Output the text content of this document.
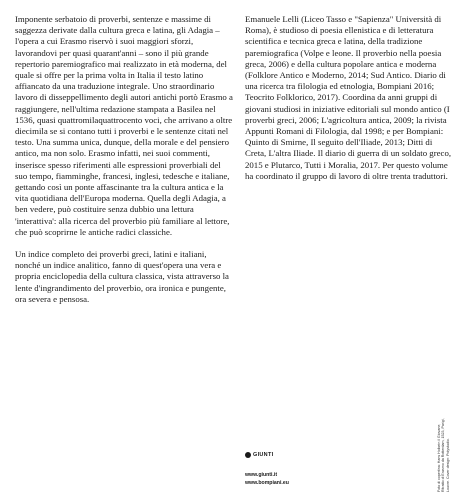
Imponente serbatoio di proverbi, sentenze e massime di saggezza derivate dalla cultura greca e latina, gli Adagia – l'opera a cui Erasmo riservò i suoi maggiori sforzi, lavorandovi per quasi quarant'anni – sono il più grande repertorio paremiografico mai realizzato in età moderna, del quale si offre per la prima volta in Italia il testo latino affiancato da una traduzione integrale. Uno straordinario lavoro di disseppellimento degli autori antichi portò Erasmo a raggiungere, nell'ultima redazione stampata a Basilea nel 1536, quasi quattromilaquattrocento voci, che arrivano a oltre diecimila se si contano tutti i proverbi e le sentenze citati nel testo. Una summa unica, dunque, della morale e del pensiero antico, ma non solo. Erasmo infatti, nei suoi commenti, inserisce spesso riferimenti alle espressioni proverbiali del suo tempo, fiamminghe, francesi, inglesi, tedesche e italiane, gettando così un ponte affascinante tra la cultura antica e la vita quotidiana dell'Europa moderna. Quella degli Adagia, a ben vedere, può costituire senza dubbio una lettura 'interattiva': alla ricerca del proverbio più familiare al lettore, che può scoprirne le antiche radici classiche.

Un indice completo dei proverbi greci, latini e italiani, nonché un indice analitico, fanno di quest'opera una vera e propria enciclopedia della cultura classica, vista attraverso la lente d'ingrandimento del proverbio, ora ironica e pungente, ora severa e pensosa.

Emanuele Lelli (Liceo Tasso e "Sapienza" Università di Roma), è studioso di poesia ellenistica e di letteratura scientifica e tecnica greca e latina, della tradizione paremiografica (Volpe e leone. Il proverbio nella poesia greca, 2006) e della cultura popolare antica e moderna (Folklore Antico e Moderno, 2014; Sud Antico. Diario di una ricerca tra filologia ed etnologia, Bompiani 2016; Teocrito Folklorico, 2017). Coordina da anni gruppi di giovani studiosi in iniziative editoriali sul mondo antico (I proverbi greci, 2006; L'agricoltura antica, 2009; la rivista Appunti Romani di Filologia, dal 1998; e per Bompiani: Quinto di Smirne, Il seguito dell'Iliade, 2013; Ditti di Creta, L'altra Iliade. Il diario di guerra di un soldato greco, 2015 e Plutarco, Tutti i Moralia, 2017. Per questo volume ha coordinato il gruppo di lavoro di oltre trenta traduttori.

GIUNTI
www.giunti.it
www.bompiani.eu	Foto di copertina: Hans Holbein il Giovane, Ritratto di Erasmo da Rotterdam, 1523, Parigi, Louvre. Cover design: Polystudio.
